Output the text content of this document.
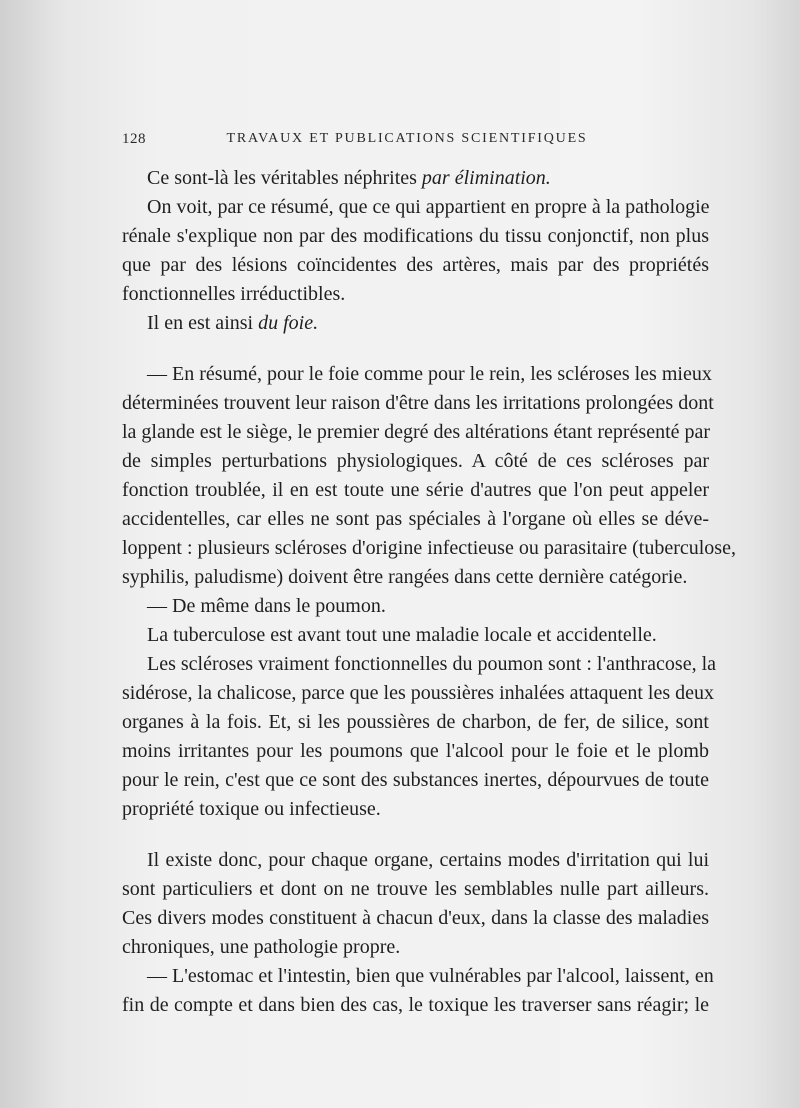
128	TRAVAUX ET PUBLICATIONS SCIENTIFIQUES
Ce sont-là les véritables néphrites par élimination.
On voit, par ce résumé, que ce qui appartient en propre à la pathologie
rénale s'explique non par des modifications du tissu conjonctif, non plus
que par des lésions coïncidentes des artères, mais par des propriétés
fonctionnelles irréductibles.
Il en est ainsi du foie.
— En résumé, pour le foie comme pour le rein, les scléroses les mieux
déterminées trouvent leur raison d'être dans les irritations prolongées dont
la glande est le siège, le premier degré des altérations étant représenté par
de simples perturbations physiologiques. A côté de ces scléroses par
fonction troublée, il en est toute une série d'autres que l'on peut appeler
accidentelles, car elles ne sont pas spéciales à l'organe où elles se déve-
loppent : plusieurs scléroses d'origine infectieuse ou parasitaire (tuberculose,
syphilis, paludisme) doivent être rangées dans cette dernière catégorie.
— De même dans le poumon.
La tuberculose est avant tout une maladie locale et accidentelle.
Les scléroses vraiment fonctionnelles du poumon sont : l'anthracose, la
sidérose, la chalicose, parce que les poussières inhalées attaquent les deux
organes à la fois. Et, si les poussières de charbon, de fer, de silice, sont
moins irritantes pour les poumons que l'alcool pour le foie et le plomb
pour le rein, c'est que ce sont des substances inertes, dépourvues de toute
propriété toxique ou infectieuse.
Il existe donc, pour chaque organe, certains modes d'irritation qui lui
sont particuliers et dont on ne trouve les semblables nulle part ailleurs.
Ces divers modes constituent à chacun d'eux, dans la classe des maladies
chroniques, une pathologie propre.
— L'estomac et l'intestin, bien que vulnérables par l'alcool, laissent, en
fin de compte et dans bien des cas, le toxique les traverser sans réagir; le
